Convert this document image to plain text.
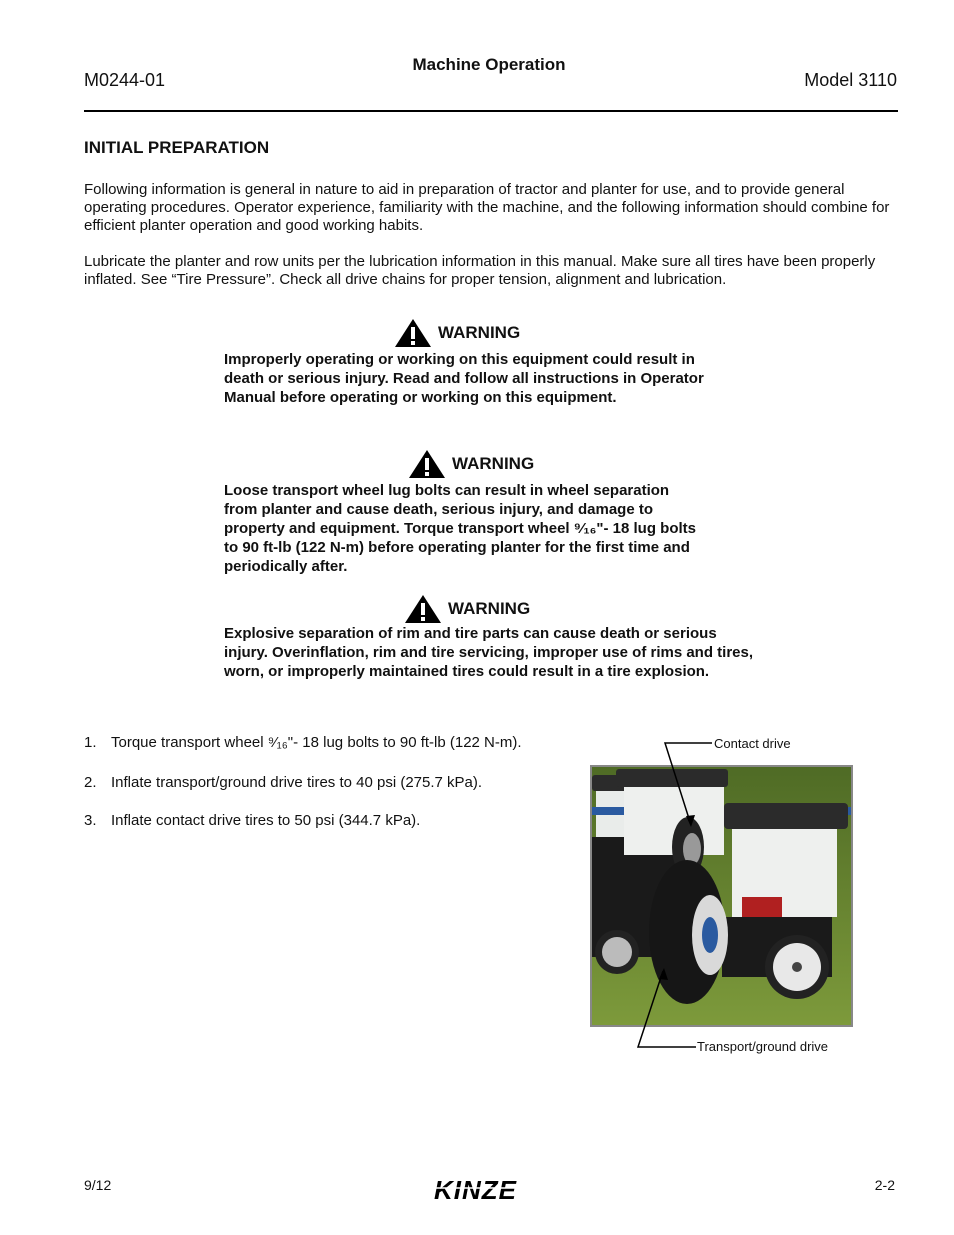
M0244-01
Machine Operation
Model 3110
INITIAL PREPARATION
Following information is general in nature to aid in preparation of tractor and planter for use, and to provide general operating procedures. Operator experience, familiarity with the machine, and the following information should combine for efficient planter operation and good working habits.
Lubricate the planter and row units per the lubrication information in this manual. Make sure all tires have been properly inflated. See “Tire Pressure”. Check all drive chains for proper tension, alignment and lubrication.
WARNING
Improperly operating or working on this equipment could result in
death or serious injury. Read and follow all instructions in Operator
Manual before operating or working on this equipment.
WARNING
Loose transport wheel lug bolts can result in wheel separation
from planter and cause death, serious injury, and damage to
property and equipment. Torque transport wheel ⁹⁄₁₆"- 18 lug bolts
to 90 ft-lb (122 N-m) before operating planter for the first time and
periodically after.
WARNING
Explosive separation of rim and tire parts can cause death or serious
injury. Overinflation, rim and tire servicing, improper use of rims and tires,
worn, or improperly maintained tires could result in a tire explosion.
1. Torque transport wheel ⁹⁄₁₆"- 18 lug bolts to 90 ft-lb (122 N-m).
2. Inflate transport/ground drive tires to 40 psi (275.7 kPa).
3. Inflate contact drive tires to 50 psi (344.7 kPa).
Contact drive
Transport/ground drive
9/12	KINZE	2-2
